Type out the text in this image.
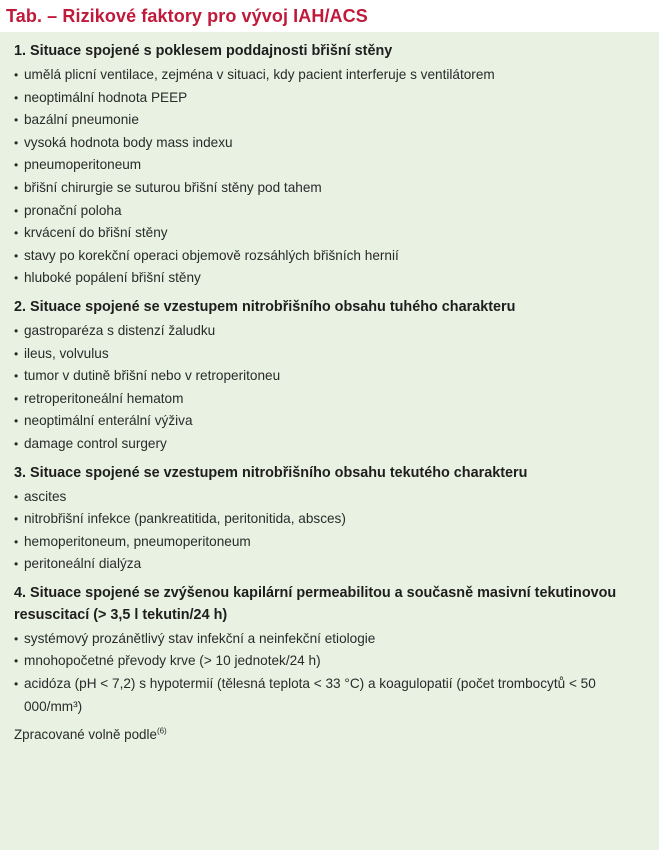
Tab. – Rizikové faktory pro vývoj IAH/ACS
1. Situace spojené s poklesem poddajnosti břišní stěny
• umělá plicní ventilace, zejména v situaci, kdy pacient interferuje s ventilátorem
• neoptimální hodnota PEEP
• bazální pneumonie
• vysoká hodnota body mass indexu
• pneumoperitoneum
• břišní chirurgie se suturou břišní stěny pod tahem
• pronační poloha
• krvácení do břišní stěny
• stavy po korekční operaci objemově rozsáhlých břišních hernií
• hluboké popálení břišní stěny
2. Situace spojené se vzestupem nitrobřišního obsahu tuhého charakteru
• gastroparéza s distenzí žaludku
• ileus, volvulus
• tumor v dutině břišní nebo v retroperitoneu
• retroperitoneální hematom
• neoptimální enterální výživa
• damage control surgery
3. Situace spojené se vzestupem nitrobřišního obsahu tekutého charakteru
• ascites
• nitrobřišní infekce (pankreatitida, peritonitida, absces)
• hemoperitoneum, pneumoperitoneum
• peritoneální dialýza
4. Situace spojené se zvýšenou kapilární permeabilitou a současně masivní tekutinovou resuscitací (> 3,5 l tekutin/24 h)
• systémový prozánětlivý stav infekční a neinfekční etiologie
• mnohopočetné převody krve (> 10 jednotek/24 h)
• acidóza (pH < 7,2) s hypotermií (tělesná teplota < 33 °C) a koagulopatií (počet trombocytů < 50 000/mm³)
Zpracované volně podle$^{(6)}$
